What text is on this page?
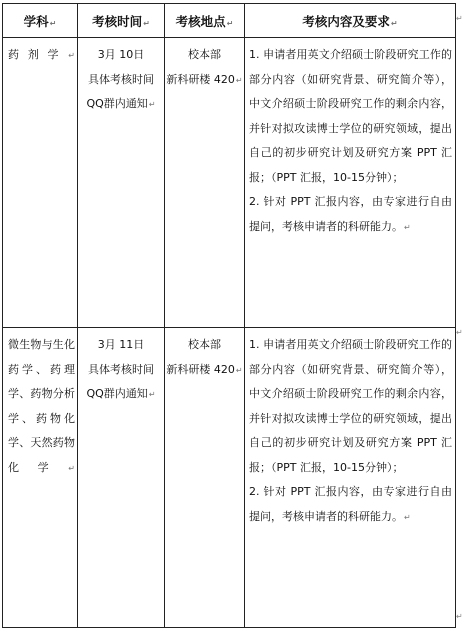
学科↵	考核时间↵	考核地点↵	考核内容及要求↵
药剂学↵	3月 10日
具体考核时间
QQ群内通知↵	校本部
新科研楼 420↵	1. 申请者用英文介绍硕士阶段研究工作的部分内容（如研究背景、研究简介等），中文介绍硕士阶段研究工作的剩余内容，并针对拟攻读博士学位的研究领域，提出自己的初步研究计划及研究方案 PPT 汇报；（PPT 汇报，10-15分钟）；
2. 针对 PPT 汇报内容，由专家进行自由提问，考核申请者的科研能力。↵

微生物与生化药学、药理学、药物分析学、药物化学、天然药物化学↵	3月 11日
具体考核时间
QQ群内通知↵	校本部
新科研楼 420↵	1. 申请者用英文介绍硕士阶段研究工作的部分内容（如研究背景、研究简介等），中文介绍硕士阶段研究工作的剩余内容，并针对拟攻读博士学位的研究领域，提出自己的初步研究计划及研究方案 PPT 汇报；（PPT 汇报，10-15分钟）；
2. 针对 PPT 汇报内容，由专家进行自由提问，考核申请者的科研能力。↵
↵
↵
↵
